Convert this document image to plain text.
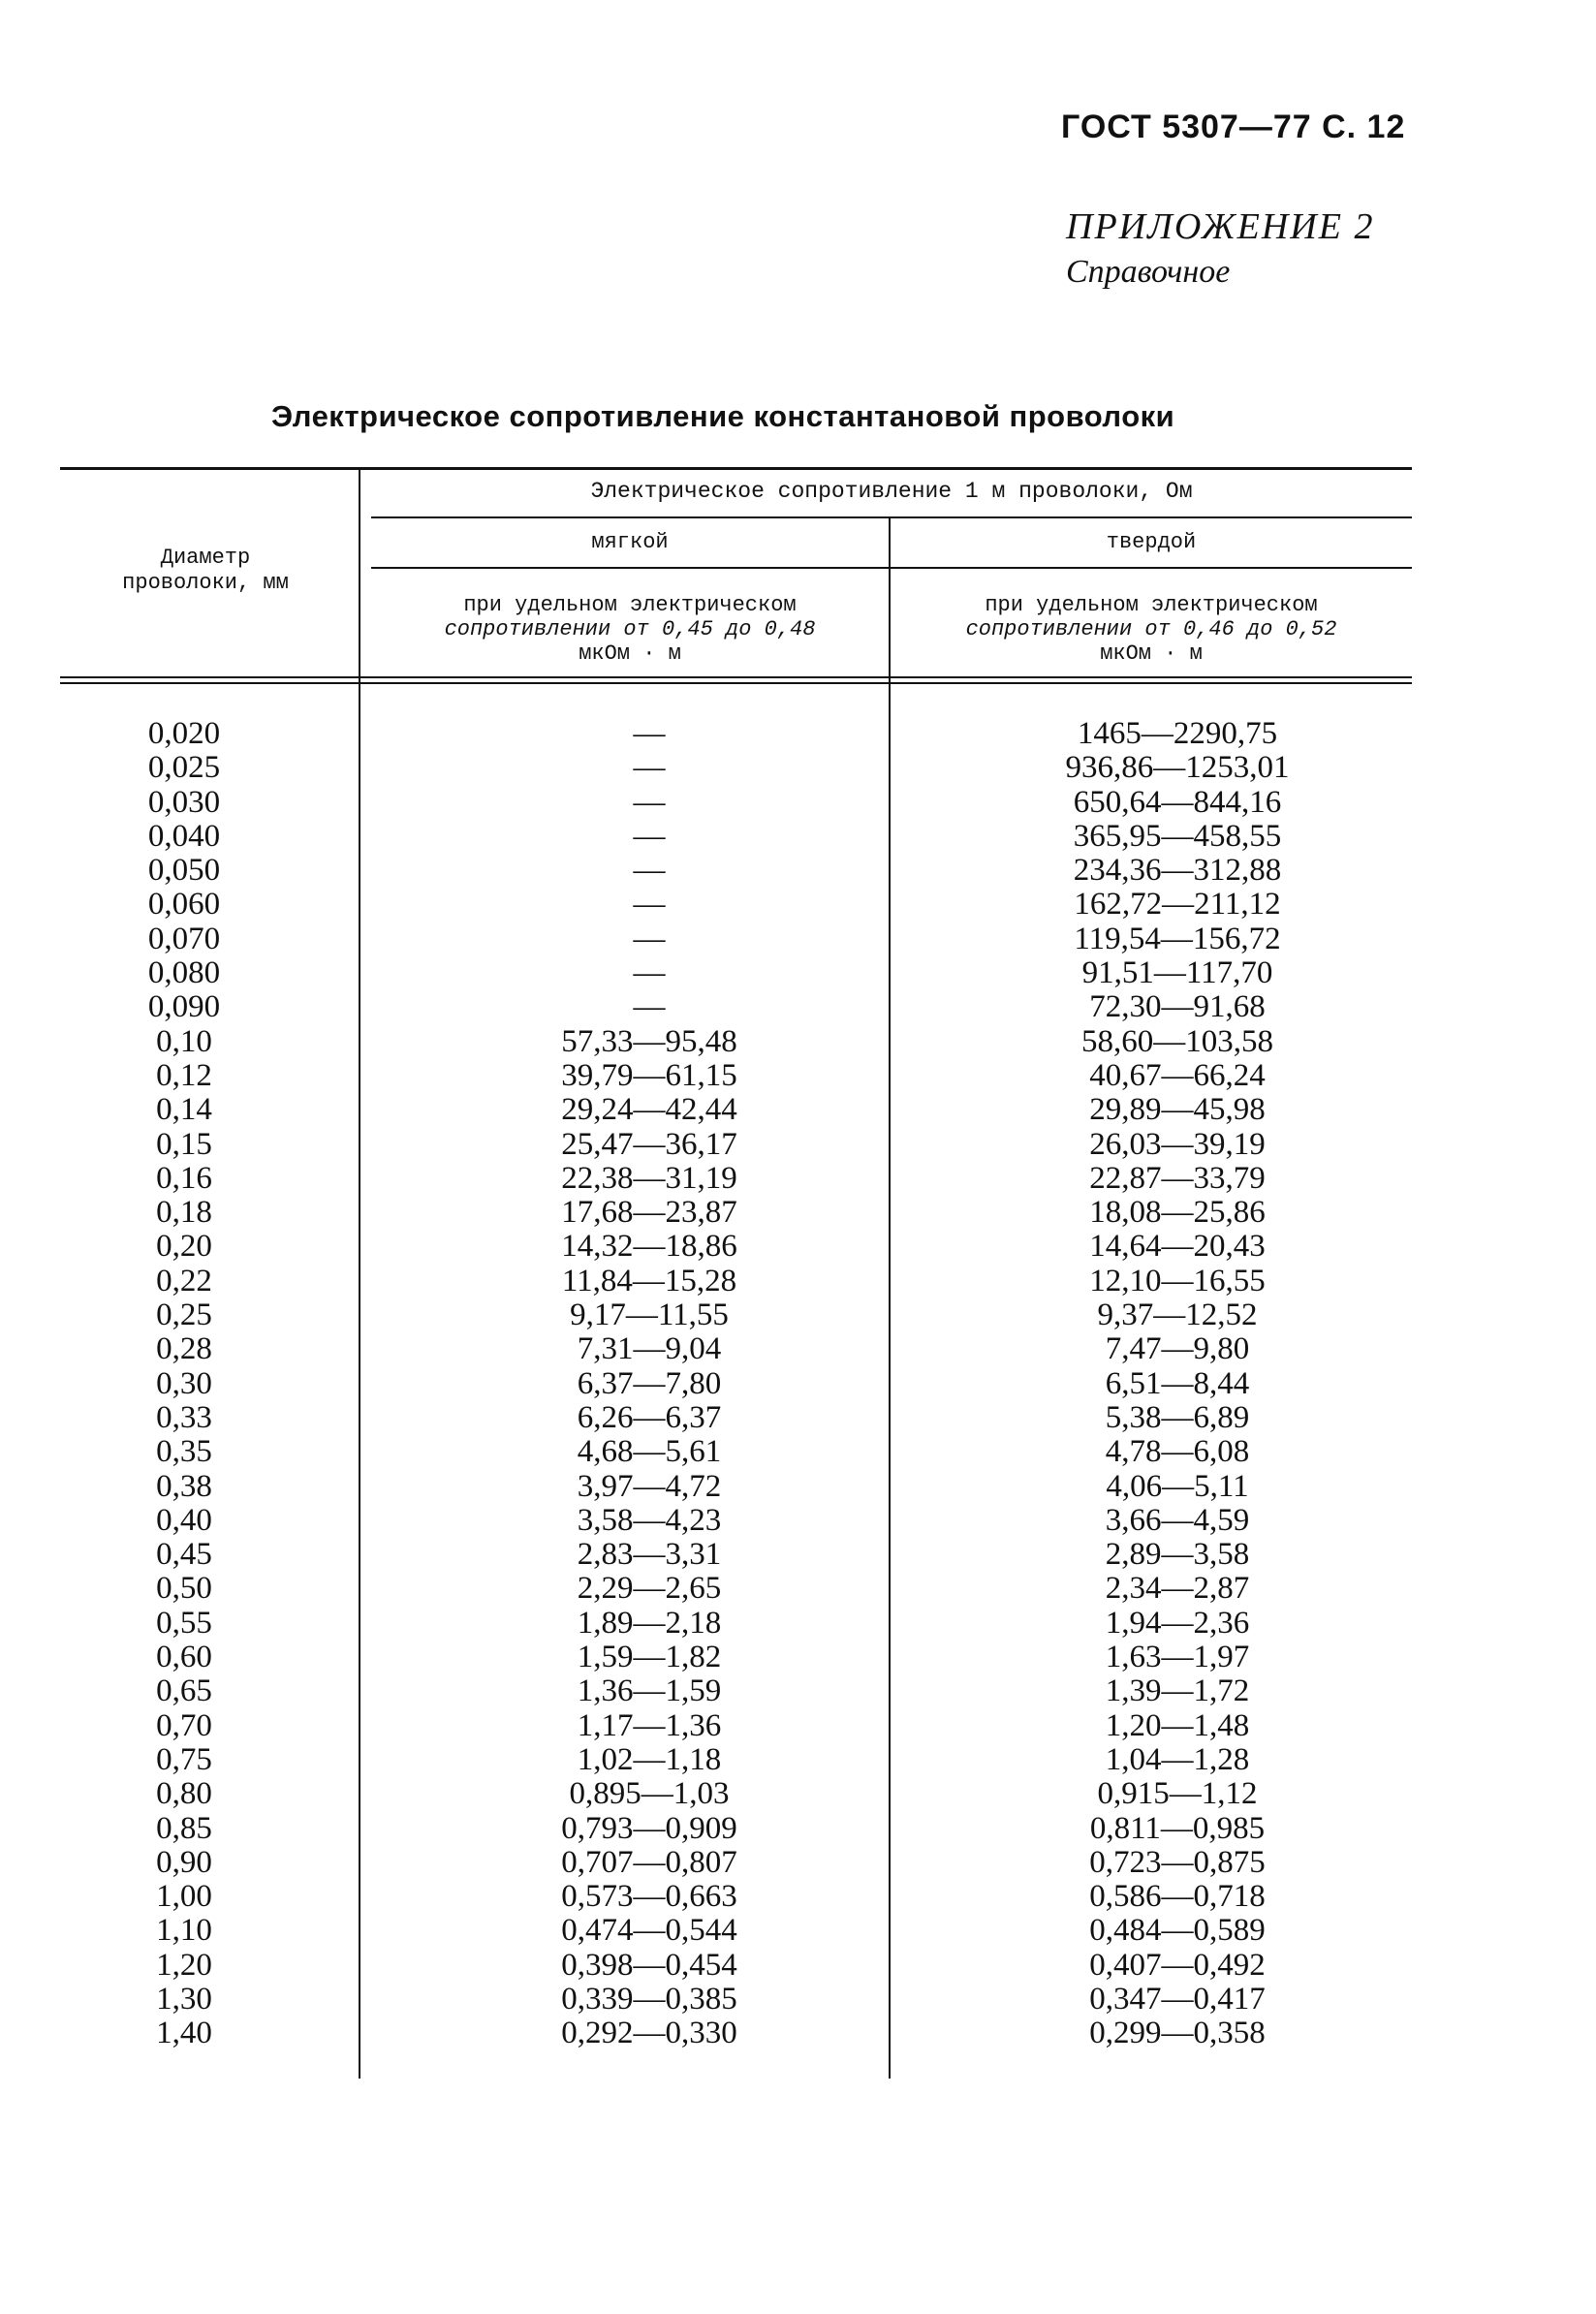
ГОСТ 5307—77 С. 12
ПРИЛОЖЕНИЕ 2
Справочное
Электрическое сопротивление константановой проволоки
Диаметр проволоки, мм
Электрическое сопротивление 1 м проволоки, Ом
мягкой	твердой
при удельном электрическом
сопротивлении от 0,45 до 0,48
мкОм · м
при удельном электрическом
сопротивлении от 0,46 до 0,52
мкОм · м
0,020
0,025
0,030
0,040
0,050
0,060
0,070
0,080
0,090
0,10
0,12
0,14
0,15
0,16
0,18
0,20
0,22
0,25
0,28
0,30
0,33
0,35
0,38
0,40
0,45
0,50
0,55
0,60
0,65
0,70
0,75
0,80
0,85
0,90
1,00
1,10
1,20
1,30
1,40
—
—
—
—
—
—
—
—
—
57,33—95,48
39,79—61,15
29,24—42,44
25,47—36,17
22,38—31,19
17,68—23,87
14,32—18,86
11,84—15,28
9,17—11,55
7,31—9,04
6,37—7,80
6,26—6,37
4,68—5,61
3,97—4,72
3,58—4,23
2,83—3,31
2,29—2,65
1,89—2,18
1,59—1,82
1,36—1,59
1,17—1,36
1,02—1,18
0,895—1,03
0,793—0,909
0,707—0,807
0,573—0,663
0,474—0,544
0,398—0,454
0,339—0,385
0,292—0,330
1465—2290,75
936,86—1253,01
650,64—844,16
365,95—458,55
234,36—312,88
162,72—211,12
119,54—156,72
91,51—117,70
72,30—91,68
58,60—103,58
40,67—66,24
29,89—45,98
26,03—39,19
22,87—33,79
18,08—25,86
14,64—20,43
12,10—16,55
9,37—12,52
7,47—9,80
6,51—8,44
5,38—6,89
4,78—6,08
4,06—5,11
3,66—4,59
2,89—3,58
2,34—2,87
1,94—2,36
1,63—1,97
1,39—1,72
1,20—1,48
1,04—1,28
0,915—1,12
0,811—0,985
0,723—0,875
0,586—0,718
0,484—0,589
0,407—0,492
0,347—0,417
0,299—0,358
